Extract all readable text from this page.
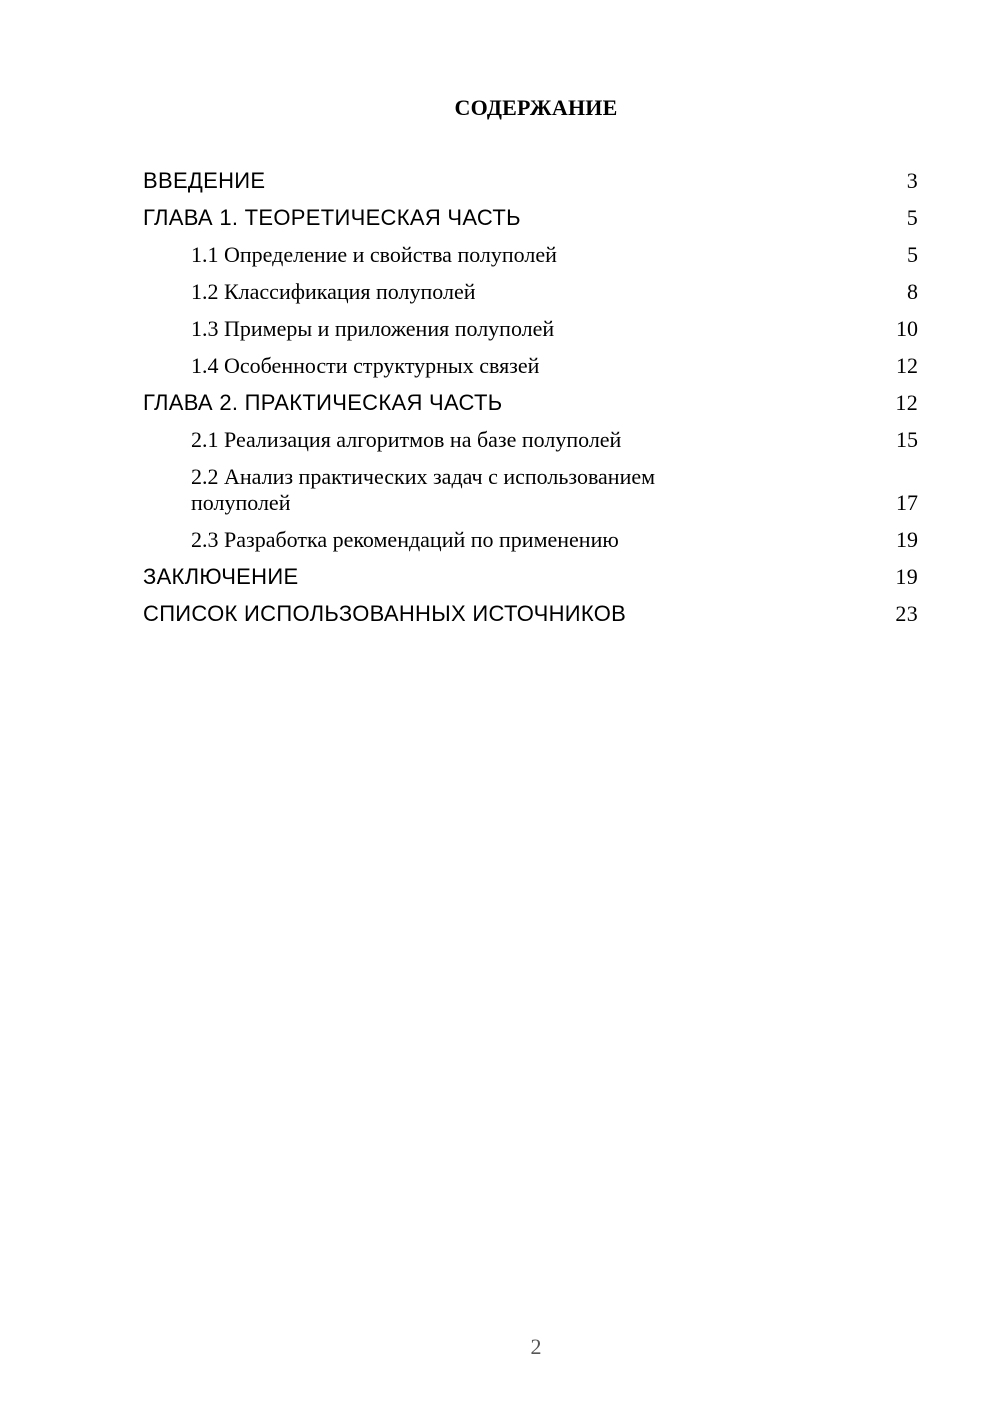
СОДЕРЖАНИЕ
ВВЕДЕНИЕ	3
ГЛАВА 1. ТЕОРЕТИЧЕСКАЯ ЧАСТЬ	5
1.1 Определение и свойства полуполей	5
1.2 Классификация полуполей	8
1.3 Примеры и приложения полуполей	10
1.4 Особенности структурных связей	12
ГЛАВА 2. ПРАКТИЧЕСКАЯ ЧАСТЬ	12
2.1 Реализация алгоритмов на базе полуполей	15
2.2 Анализ практических задач с использованием полуполей	17
2.3 Разработка рекомендаций по применению	19
ЗАКЛЮЧЕНИЕ	19
СПИСОК ИСПОЛЬЗОВАННЫХ ИСТОЧНИКОВ	23
2
